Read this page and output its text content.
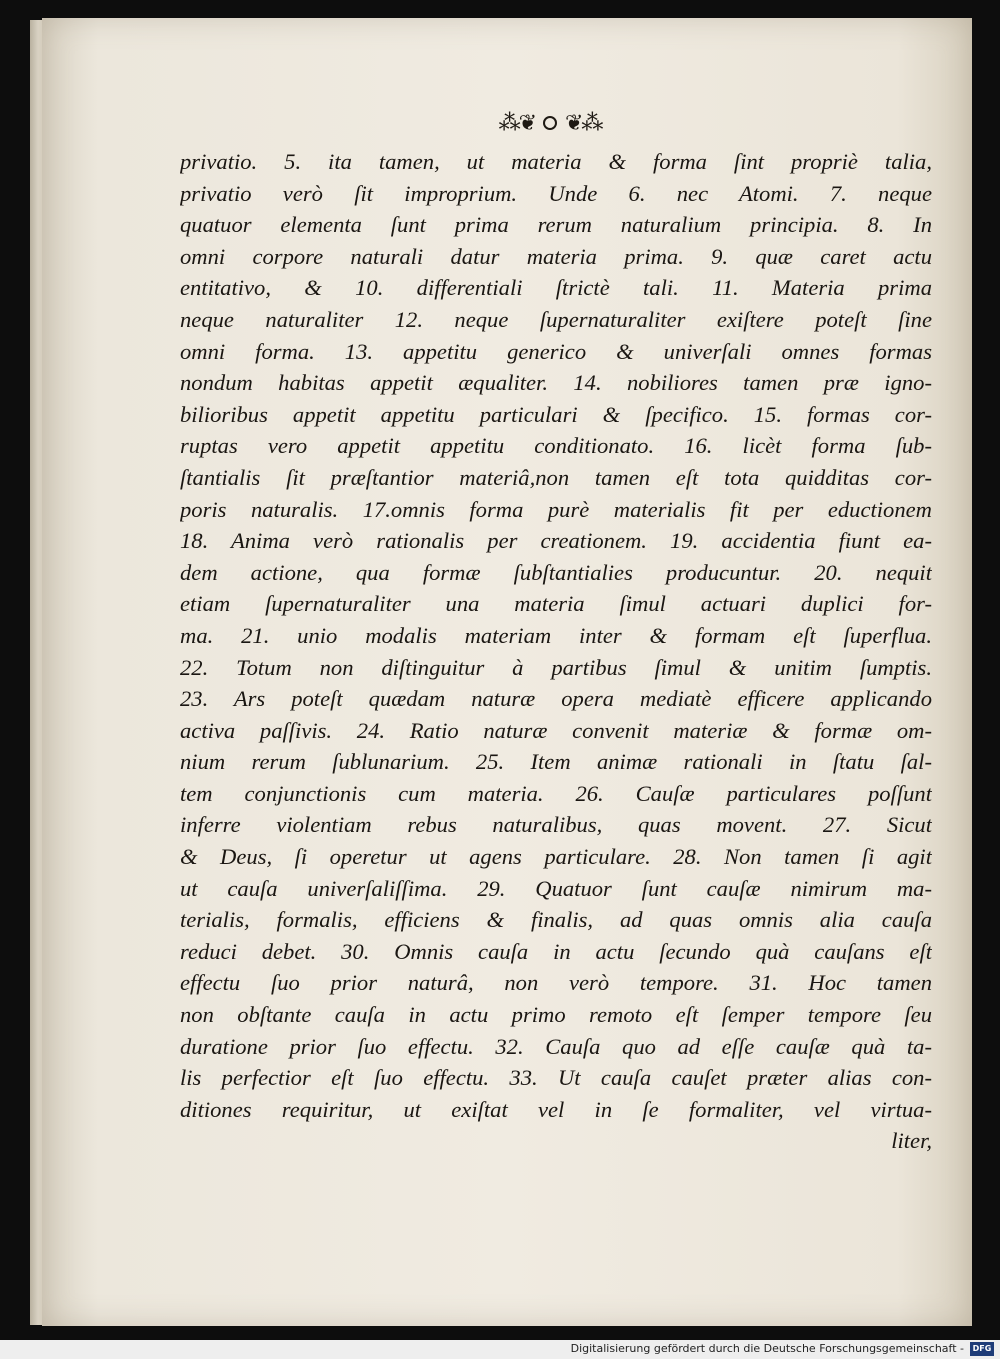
⁂❦ ❦⁂
privatio. 5. ita tamen, ut materia & forma ſint propriè talia,
privatio verò ſit improprium. Unde 6. nec Atomi. 7. neque
quatuor elementa ſunt prima rerum naturalium principia. 8. In
omni corpore naturali datur materia prima. 9. quæ caret actu
entitativo, & 10. differentiali ſtrictè tali. 11. Materia prima
neque naturaliter 12. neque ſupernaturaliter exiſtere poteſt ſine
omni forma. 13. appetitu generico & univerſali omnes formas
nondum habitas appetit æqualiter. 14. nobiliores tamen præ igno-
bilioribus appetit appetitu particulari & ſpecifico. 15. formas cor-
ruptas vero appetit appetitu conditionato. 16. licèt forma ſub-
ſtantialis ſit præſtantior materiâ,non tamen eſt tota quidditas cor-
poris naturalis. 17.omnis forma purè materialis fit per eductionem
18. Anima verò rationalis per creationem. 19. accidentia fiunt ea-
dem actione, qua formæ ſubſtantialies producuntur. 20. nequit
etiam ſupernaturaliter una materia ſimul actuari duplici for-
ma. 21. unio modalis materiam inter & formam eſt ſuperflua.
22. Totum non diſtinguitur à partibus ſimul & unitim ſumptis.
23. Ars poteſt quædam naturæ opera mediatè efficere applicando
activa paſſivis. 24. Ratio naturæ convenit materiæ & formæ om-
nium rerum ſublunarium. 25. Item animæ rationali in ſtatu ſal-
tem conjunctionis cum materia. 26. Cauſæ particulares poſſunt
inferre violentiam rebus naturalibus, quas movent. 27. Sicut
& Deus, ſi operetur ut agens particulare. 28. Non tamen ſi agit
ut cauſa univerſaliſſima. 29. Quatuor ſunt cauſæ nimirum ma-
terialis, formalis, efficiens & finalis, ad quas omnis alia cauſa
reduci debet. 30. Omnis cauſa in actu ſecundo quà cauſans eſt
effectu ſuo prior naturâ, non verò tempore. 31. Hoc tamen
non obſtante cauſa in actu primo remoto eſt ſemper tempore ſeu
duratione prior ſuo effectu. 32. Cauſa quo ad eſſe cauſæ quà ta-
lis perfectior eſt ſuo effectu. 33. Ut cauſa cauſet præter alias con-
ditiones requiritur, ut exiſtat vel in ſe formaliter, vel virtua-
liter,
Digitalisierung gefördert durch die Deutsche Forschungsgemeinschaft -	DFG
